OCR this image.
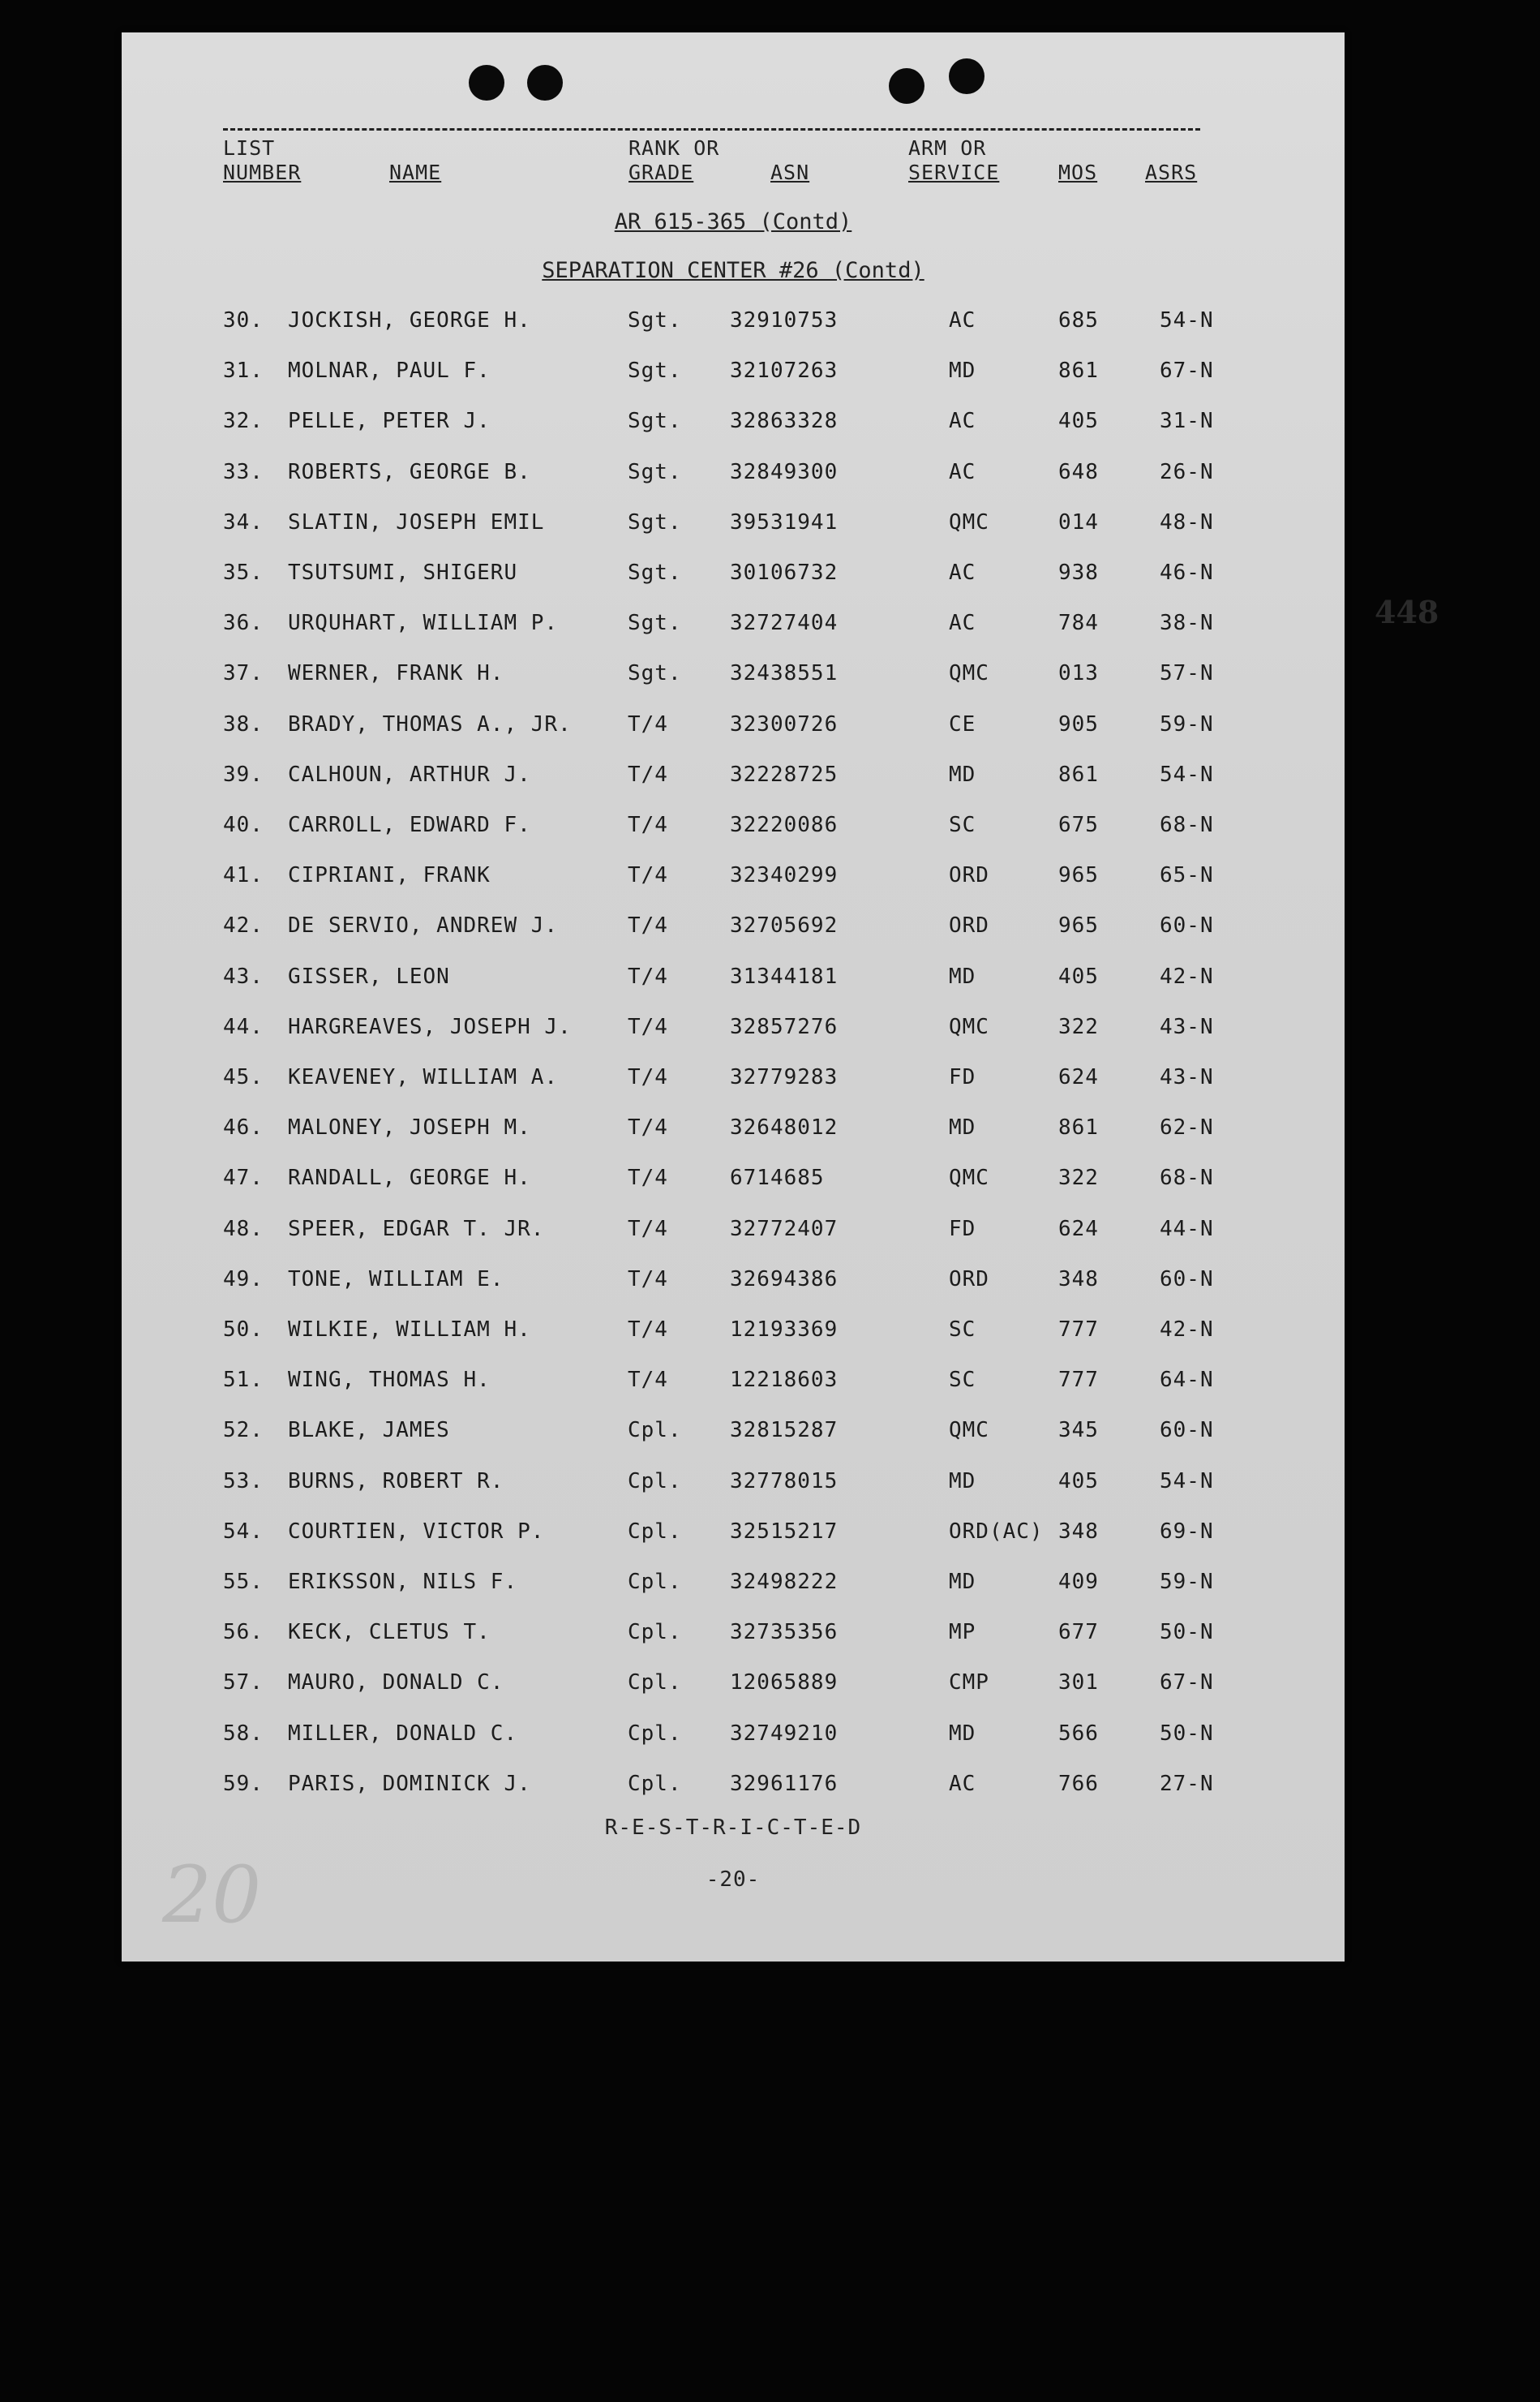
LIST
NUMBER	NAME
RANK OR
GRADE	ASN
ARM OR
SERVICE	MOS ASRS
AR 615-365 (Contd)
SEPARATION CENTER #26 (Contd)
30. JOCKISH, GEORGE H.	Sgt. 32910753	AC	685	54-N
31. MOLNAR, PAUL F.	Sgt. 32107263	MD	861	67-N
32. PELLE, PETER J.	Sgt. 32863328	AC	405	31-N
33. ROBERTS, GEORGE B.	Sgt. 32849300	AC	648	26-N
34. SLATIN, JOSEPH EMIL	Sgt. 39531941	QMC	014	48-N
35. TSUTSUMI, SHIGERU	Sgt. 30106732	AC	938	46-N
36. URQUHART, WILLIAM P.	Sgt. 32727404	AC	784	38-N
37. WERNER, FRANK H.	Sgt. 32438551	QMC	013	57-N
38. BRADY, THOMAS A., JR.	T/4	32300726	CE	905	59-N
39. CALHOUN, ARTHUR J.	T/4	32228725	MD	861	54-N
40. CARROLL, EDWARD F.	T/4	32220086	SC	675	68-N
41. CIPRIANI, FRANK	T/4	32340299	ORD	965	65-N
42. DE SERVIO, ANDREW J.	T/4	32705692	ORD	965	60-N
43. GISSER, LEON	T/4	31344181	MD	405	42-N
44. HARGREAVES, JOSEPH J.	T/4	32857276	QMC	322	43-N
45. KEAVENEY, WILLIAM A.	T/4	32779283	FD	624	43-N
46. MALONEY, JOSEPH M.	T/4	32648012	MD	861	62-N
47. RANDALL, GEORGE H.	T/4	6714685	QMC	322	68-N
48. SPEER, EDGAR T. JR.	T/4	32772407	FD	624	44-N
49. TONE, WILLIAM E.	T/4	32694386	ORD	348	60-N
50. WILKIE, WILLIAM H.	T/4	12193369	SC	777	42-N
51. WING, THOMAS H.	T/4	12218603	SC	777	64-N
52. BLAKE, JAMES	Cpl. 32815287	QMC	345	60-N
53. BURNS, ROBERT R.	Cpl. 32778015	MD	405	54-N
54. COURTIEN, VICTOR P.	Cpl. 32515217	ORD(AC) 348	69-N
55. ERIKSSON, NILS F.	Cpl. 32498222	MD	409	59-N
56. KECK, CLETUS T.	Cpl. 32735356	MP	677	50-N
57. MAURO, DONALD C.	Cpl. 12065889	CMP	301	67-N
58. MILLER, DONALD C.	Cpl. 32749210	MD	566	50-N
59. PARIS, DOMINICK J.	Cpl. 32961176	AC	766	27-N
448
R-E-S-T-R-I-C-T-E-D
-20-
20
